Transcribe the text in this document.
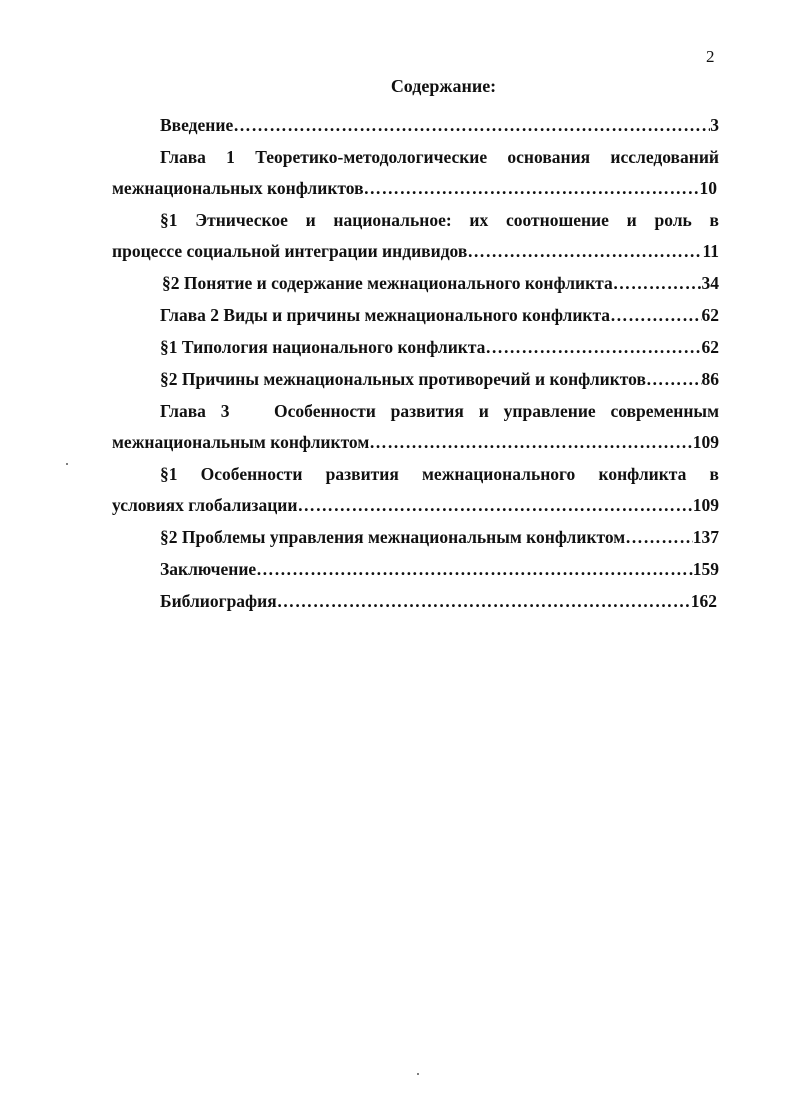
2
Содержание:
Введение …………………………………………………………………………………………………………………………………………………………………………………………	3
Глава 1 Теоретико-методологические основания исследований
межнациональных конфликтов …………………………………………………………………………………………………………………………………………………………………………………………	10
§1 Этническое и национальное: их соотношение и роль в
процессе социальной интеграции индивидов …………………………………………………………………………………………………………………………………………………………………………………………	11
§2 Понятие и содержание межнационального конфликта …………………………………………………………………………………………………………………………………………………………………………………………	34
Глава 2 Виды и причины межнационального конфликта …………………………………………………………………………………………………………………………………………………………………………………………	62
§1 Типология национального конфликта …………………………………………………………………………………………………………………………………………………………………………………………	62
§2 Причины межнациональных противоречий и конфликтов …………………………………………………………………………………………………………………………………………………………………………………………	86
Глава 3   Особенности развития и управление современным
межнациональным конфликтом …………………………………………………………………………………………………………………………………………………………………………………………	109
§1 Особенности развития межнационального конфликта в
условиях глобализации …………………………………………………………………………………………………………………………………………………………………………………………	109
§2 Проблемы управления межнациональным конфликтом …………………………………………………………………………………………………………………………………………………………………………………………	137
Заключение …………………………………………………………………………………………………………………………………………………………………………………………	159
Библиография …………………………………………………………………………………………………………………………………………………………………………………………	162
